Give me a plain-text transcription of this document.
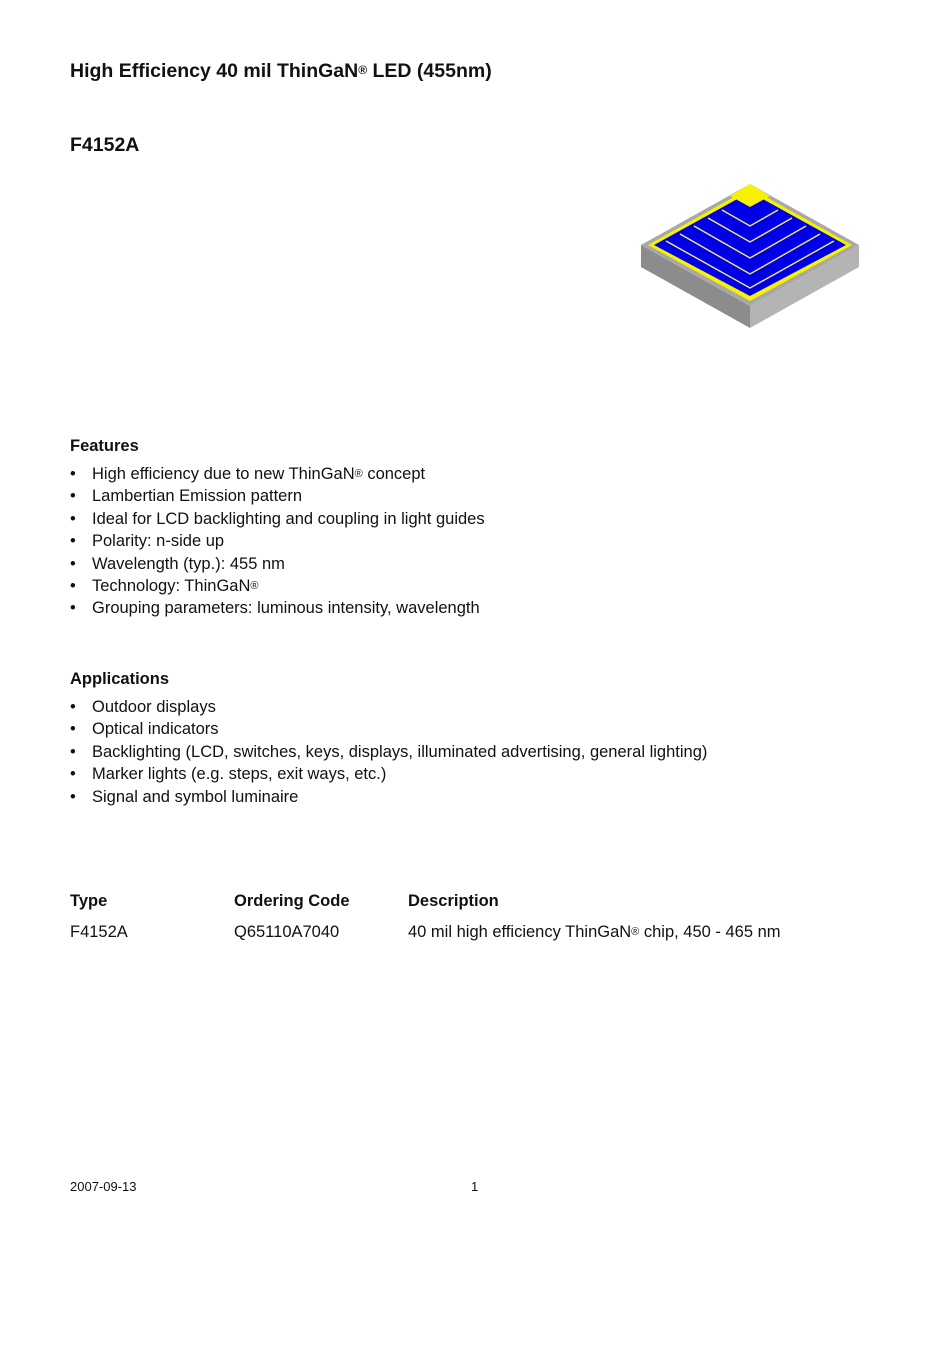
High Efficiency 40 mil ThinGaN® LED (455nm)
F4152A
Features
• High efficiency due to new ThinGaN® concept
• Lambertian Emission pattern
• Ideal for LCD backlighting and coupling in light guides
• Polarity: n-side up
• Wavelength (typ.): 455 nm
• Technology: ThinGaN®
• Grouping parameters: luminous intensity, wavelength
Applications
• Outdoor displays
• Optical indicators
• Backlighting (LCD, switches, keys, displays, illuminated advertising, general lighting)
• Marker lights (e.g. steps, exit ways, etc.)
• Signal and symbol luminaire
Type	Ordering Code	Description
F4152A	Q65110A7040	40 mil high efficiency ThinGaN® chip, 450 - 465 nm
2007-09-13	1
